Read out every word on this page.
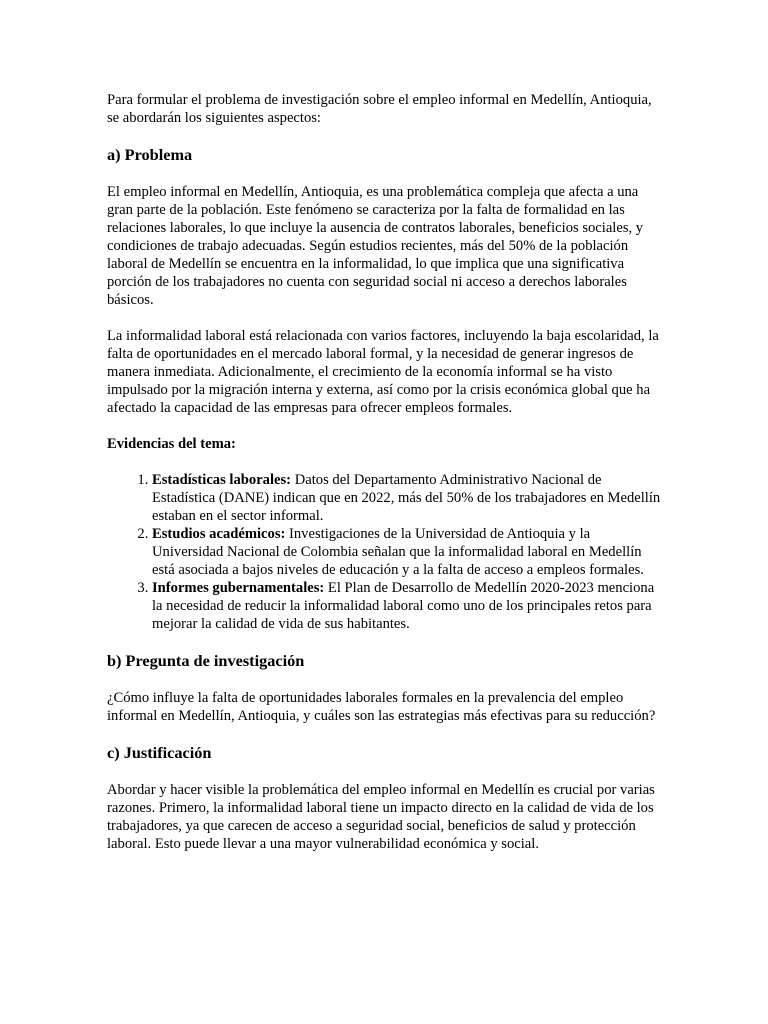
Para formular el problema de investigación sobre el empleo informal en Medellín, Antioquia, se abordarán los siguientes aspectos:

a) Problema

El empleo informal en Medellín, Antioquia, es una problemática compleja que afecta a una gran parte de la población. Este fenómeno se caracteriza por la falta de formalidad en las relaciones laborales, lo que incluye la ausencia de contratos laborales, beneficios sociales, y condiciones de trabajo adecuadas. Según estudios recientes, más del 50% de la población laboral de Medellín se encuentra en la informalidad, lo que implica que una significativa porción de los trabajadores no cuenta con seguridad social ni acceso a derechos laborales básicos.

La informalidad laboral está relacionada con varios factores, incluyendo la baja escolaridad, la falta de oportunidades en el mercado laboral formal, y la necesidad de generar ingresos de manera inmediata. Adicionalmente, el crecimiento de la economía informal se ha visto impulsado por la migración interna y externa, así como por la crisis económica global que ha afectado la capacidad de las empresas para ofrecer empleos formales.

Evidencias del tema:

1. Estadísticas laborales: Datos del Departamento Administrativo Nacional de Estadística (DANE) indican que en 2022, más del 50% de los trabajadores en Medellín estaban en el sector informal.
2. Estudios académicos: Investigaciones de la Universidad de Antioquia y la Universidad Nacional de Colombia señalan que la informalidad laboral en Medellín está asociada a bajos niveles de educación y a la falta de acceso a empleos formales.
3. Informes gubernamentales: El Plan de Desarrollo de Medellín 2020-2023 menciona la necesidad de reducir la informalidad laboral como uno de los principales retos para mejorar la calidad de vida de sus habitantes.
b) Pregunta de investigación

¿Cómo influye la falta de oportunidades laborales formales en la prevalencia del empleo informal en Medellín, Antioquia, y cuáles son las estrategias más efectivas para su reducción?

c) Justificación

Abordar y hacer visible la problemática del empleo informal en Medellín es crucial por varias razones. Primero, la informalidad laboral tiene un impacto directo en la calidad de vida de los trabajadores, ya que carecen de acceso a seguridad social, beneficios de salud y protección laboral. Esto puede llevar a una mayor vulnerabilidad económica y social.
